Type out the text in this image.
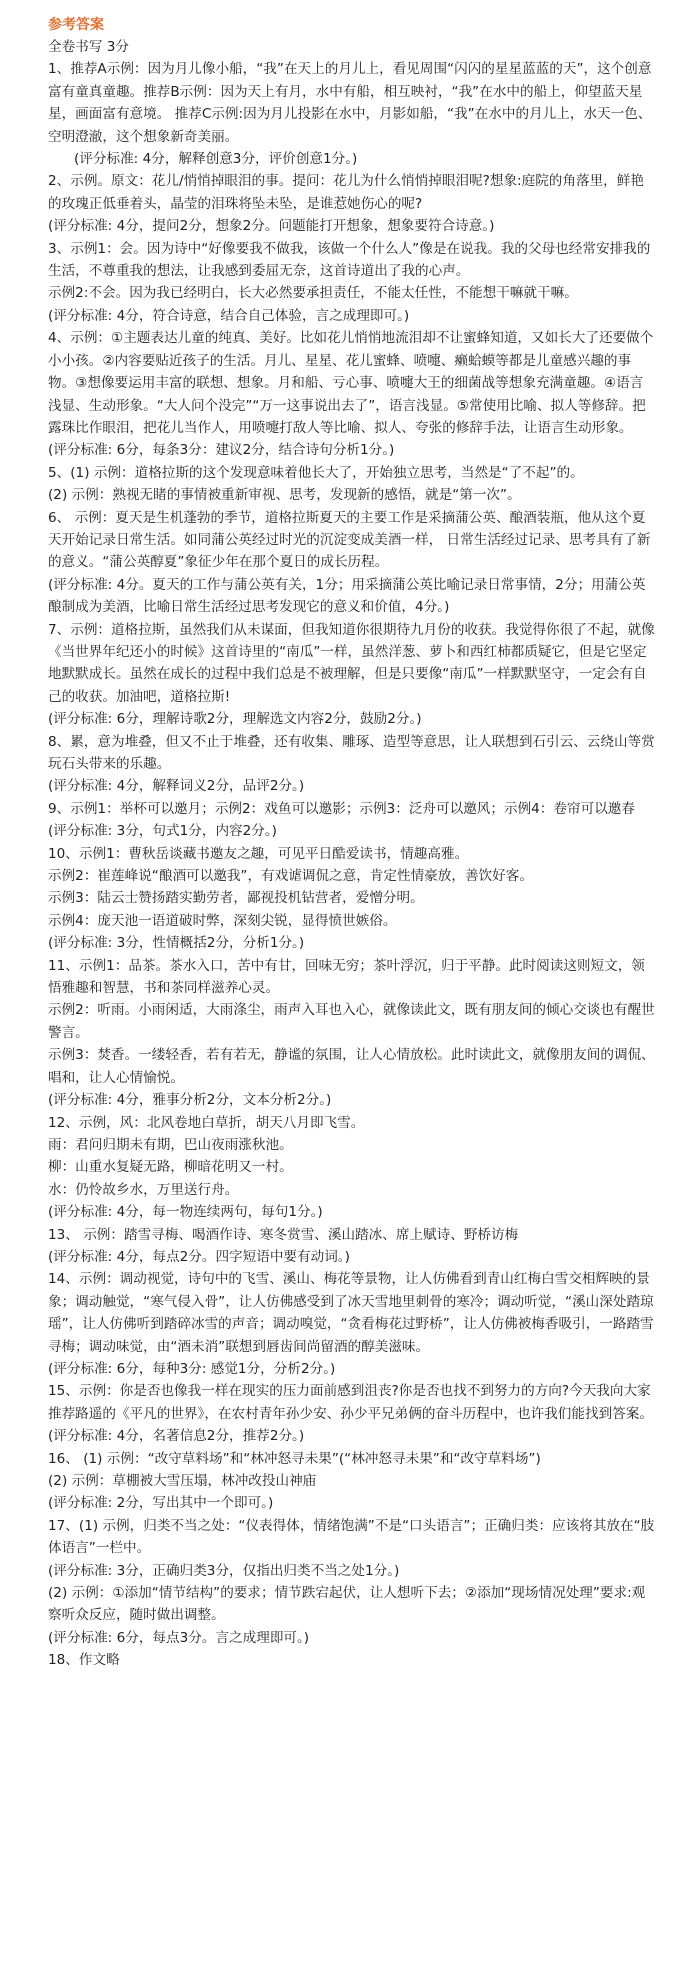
参考答案
全卷书写 3分
1、推荐A示例：因为月儿像小船，“我”在天上的月儿上，看见周围“闪闪的星星蓝蓝的天”，这个创意富有童真童趣。推荐B示例：因为天上有月，水中有船，相互映衬，“我”在水中的船上，仰望蓝天星星，画面富有意境。 推荐C示例:因为月儿投影在水中，月影如船，“我”在水中的月儿上，水天一色、空明澄澈，这个想象新奇美丽。
(评分标准: 4分，解释创意3分，评价创意1分。)
2、示例。原文：花儿/悄悄掉眼泪的事。提问：花儿为什么悄悄掉眼泪呢?想象:庭院的角落里，鲜艳的玫瑰正低垂着头，晶莹的泪珠将坠未坠，是谁惹她伤心的呢?
(评分标准: 4分，提问2分，想象2分。问题能打开想象，想象要符合诗意。)
3、示例1：会。因为诗中“好像要我不做我，该做一个什么人”像是在说我。我的父母也经常安排我的生活，不尊重我的想法，让我感到委屈无奈，这首诗道出了我的心声。
示例2:不会。因为我已经明白，长大必然要承担责任，不能太任性，不能想干嘛就干嘛。
(评分标准: 4分，符合诗意，结合自己体验，言之成理即可。)
4、示例：①主题表达儿童的纯真、美好。比如花儿悄悄地流泪却不让蜜蜂知道，又如长大了还要做个小小孩。②内容要贴近孩子的生活。月儿、星星、花儿蜜蜂、喷嚏、癞蛤蟆等都是儿童感兴趣的事物。③想像要运用丰富的联想、想象。月和船、亏心事、喷嚏大王的细菌战等想象充满童趣。④语言浅显、生动形象。“大人问个没完”“万一这事说出去了”，语言浅显。⑤常使用比喻、拟人等修辞。把露珠比作眼泪，把花儿当作人，用喷嚏打敌人等比喻、拟人、夸张的修辞手法，让语言生动形象。
(评分标准: 6分，每条3分：建议2分，结合诗句分析1分。)
5、(1) 示例：道格拉斯的这个发现意味着他长大了，开始独立思考，当然是“了不起”的。
(2) 示例：熟视无睹的事情被重新审视、思考，发现新的感悟，就是“第一次”。
6、 示例：夏天是生机蓬勃的季节，道格拉斯夏天的主要工作是采摘蒲公英、酿酒装瓶，他从这个夏天开始记录日常生活。如同蒲公英经过时光的沉淀变成美酒一样， 日常生活经过记录、思考具有了新的意义。“蒲公英醇夏”象征少年在那个夏日的成长历程。
(评分标准: 4分。夏天的工作与蒲公英有关，1分；用采摘蒲公英比喻记录日常事情，2分；用蒲公英酿制成为美酒，比喻日常生活经过思考发现它的意义和价值，4分。)
7、示例：道格拉斯，虽然我们从未谋面，但我知道你很期待九月份的收获。我觉得你很了不起，就像《当世界年纪还小的时候》这首诗里的“南瓜”一样，虽然洋葱、萝卜和西红柿都质疑它，但是它坚定地默默成长。虽然在成长的过程中我们总是不被理解，但是只要像“南瓜”一样默默坚守，一定会有自己的收获。加油吧，道格拉斯!
(评分标准: 6分，理解诗歌2分，理解选文内容2分，鼓励2分。)
8、累，意为堆叠，但又不止于堆叠，还有收集、雕琢、造型等意思，让人联想到石引云、云绕山等赏玩石头带来的乐趣。
(评分标准: 4分，解释词义2分，品评2分。)
9、示例1：举杯可以邀月；示例2：戏鱼可以邀影；示例3：泛舟可以邀风；示例4：卷帘可以邀春
(评分标准: 3分，句式1分，内容2分。)
10、示例1：曹秋岳谈藏书邀友之趣，可见平日酷爱读书，情趣高雅。
示例2：崔莲峰说“酿酒可以邀我”，有戏谑调侃之意，肯定性情豪放，善饮好客。
示例3：陆云士赞扬踏实勤劳者，鄙视投机钻营者，爱憎分明。
示例4：庞天池一语道破时弊，深刻尖锐，显得愤世嫉俗。
(评分标准: 3分，性情概括2分，分析1分。)
11、示例1：品茶。茶水入口，苦中有甘，回味无穷；茶叶浮沉，归于平静。此时阅读这则短文，领悟雅趣和智慧，书和茶同样滋养心灵。
示例2：听雨。小雨闲适，大雨涤尘，雨声入耳也入心，就像读此文，既有朋友间的倾心交谈也有醒世警言。
示例3：焚香。一缕轻香，若有若无，静谧的氛围，让人心情放松。此时读此文，就像朋友间的调侃、唱和，让人心情愉悦。
(评分标准: 4分，雅事分析2分，文本分析2分。)
12、示例，风：北风卷地白草折，胡天八月即飞雪。
雨：君问归期未有期，巴山夜雨涨秋池。
柳：山重水复疑无路，柳暗花明又一村。
水：仍怜故乡水，万里送行舟。
(评分标准: 4分，每一物连续两句，每句1分。)
13、 示例：踏雪寻梅、喝酒作诗、寒冬赏雪、溪山踏冰、席上赋诗、野桥访梅
(评分标准: 4分，每点2分。四字短语中要有动词。)
14、示例：调动视觉，诗句中的飞雪、溪山、梅花等景物，让人仿佛看到青山红梅白雪交相辉映的景象；调动触觉，“寒气侵入骨”，让人仿佛感受到了冰天雪地里刺骨的寒冷；调动听觉，“溪山深处踏琼瑶”，让人仿佛听到踏碎冰雪的声音；调动嗅觉，“贪看梅花过野桥”，让人仿佛被梅香吸引，一路踏雪寻梅；调动味觉，由“酒未消”联想到唇齿间尚留酒的醇美滋味。
(评分标准: 6分，每种3分: 感觉1分，分析2分。)
15、示例：你是否也像我一样在现实的压力面前感到沮丧?你是否也找不到努力的方向?今天我向大家推荐路遥的《平凡的世界》，在农村青年孙少安、孙少平兄弟俩的奋斗历程中，也许我们能找到答案。
(评分标准: 4分，名著信息2分，推荐2分。)
16、 (1) 示例：“改守草料场”和“林冲怒寻未果”(“林冲怒寻未果”和“改守草料场”)
(2) 示例：草棚被大雪压塌，林冲改投山神庙
(评分标准: 2分，写出其中一个即可。)
17、(1) 示例，归类不当之处：“仪表得体，情绪饱满”不是“口头语言”；正确归类：应该将其放在“肢体语言”一栏中。
(评分标准: 3分，正确归类3分，仅指出归类不当之处1分。)
(2) 示例：①添加“情节结构”的要求；情节跌宕起伏，让人想听下去；②添加“现场情况处理”要求:观察听众反应，随时做出调整。
(评分标准: 6分，每点3分。言之成理即可。)
18、作文略
